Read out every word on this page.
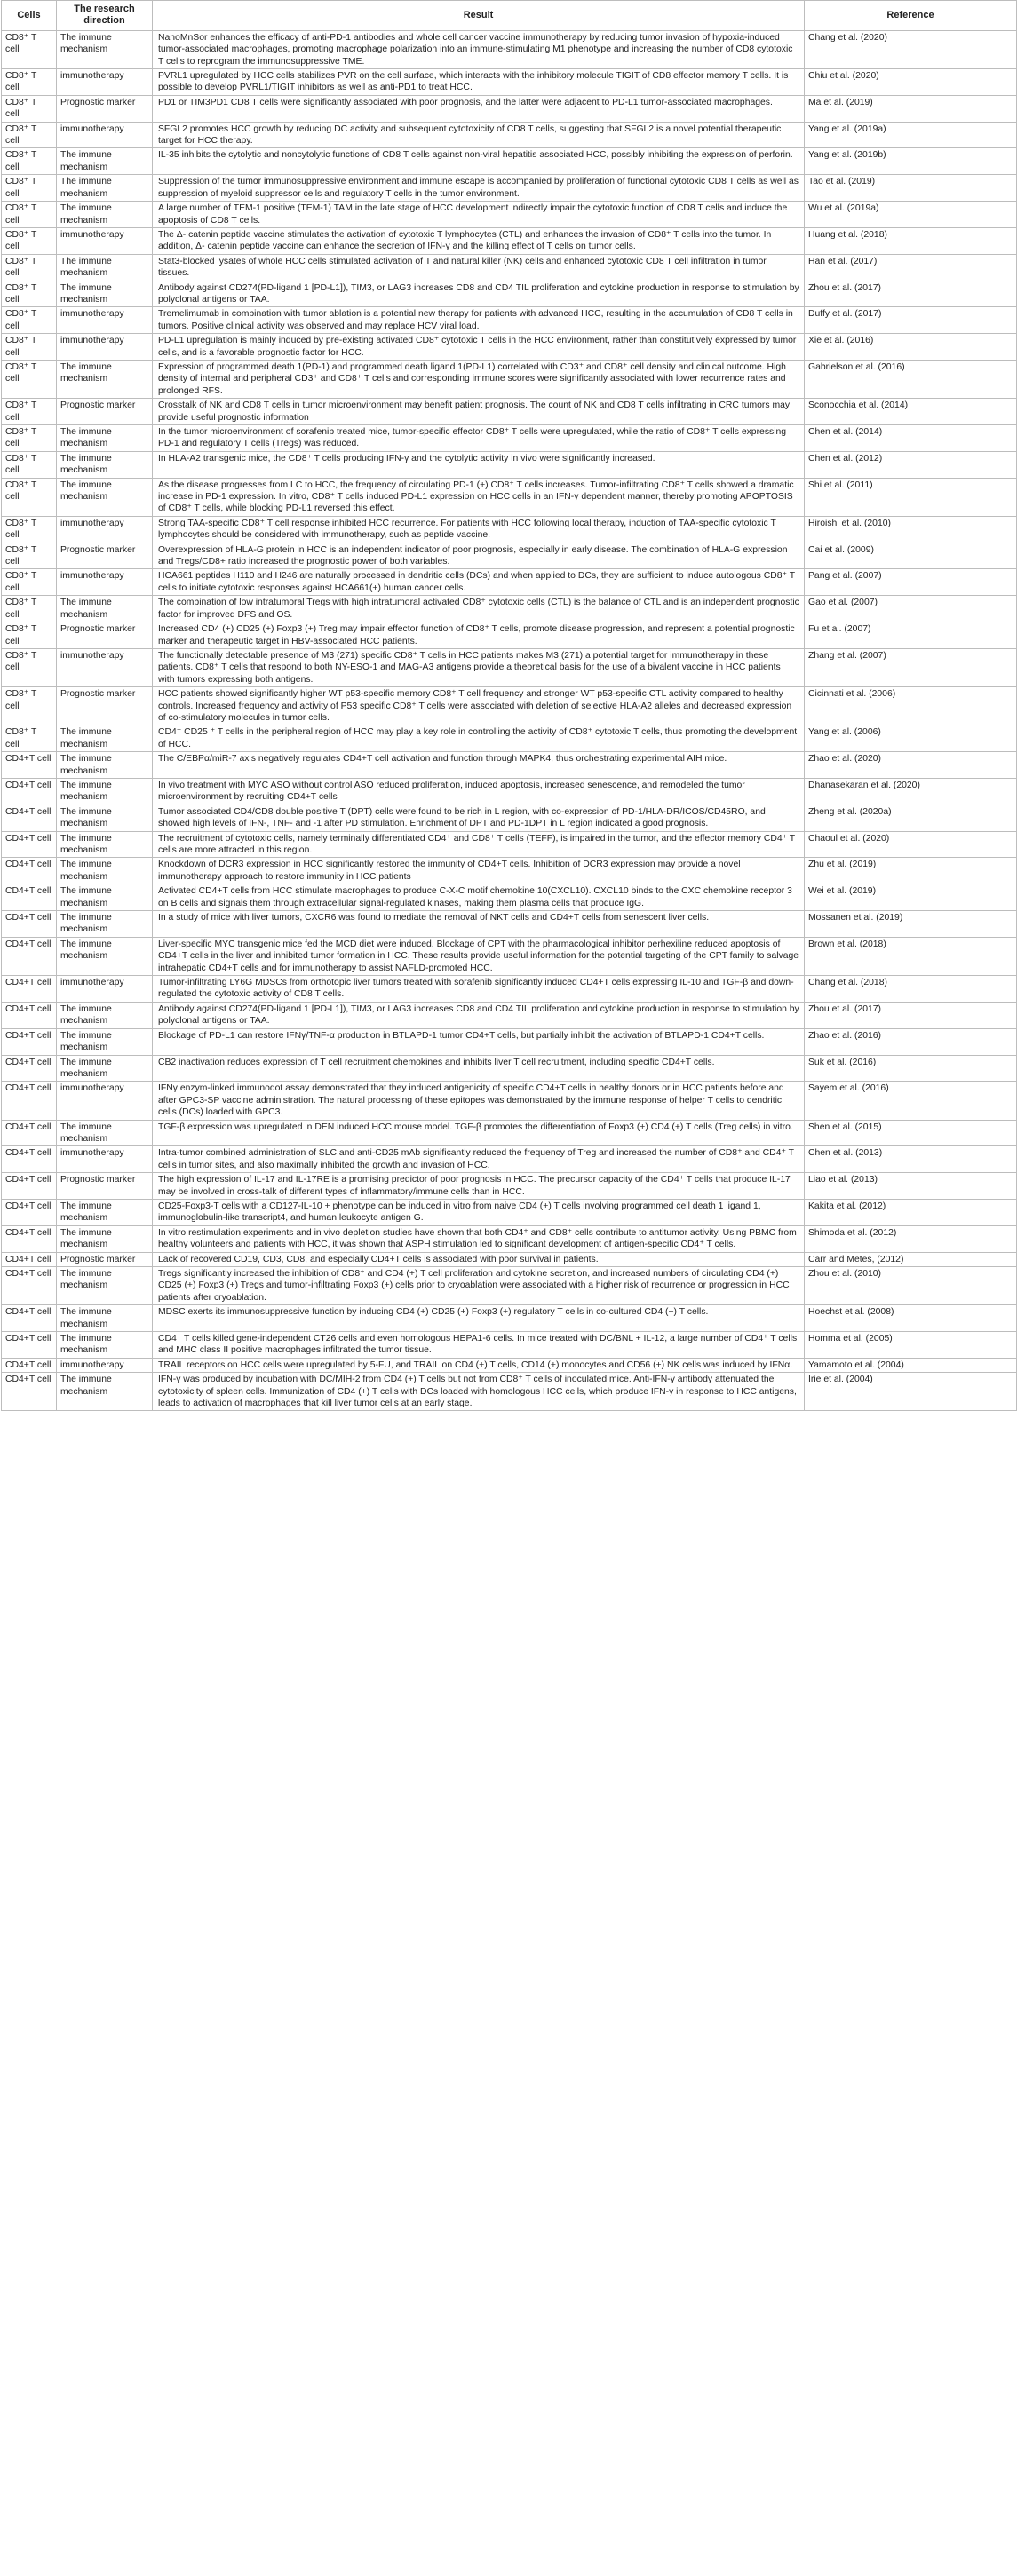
Cells	The research direction	Result	Reference
CD8⁺ T cell	The immune mechanism	NanoMnSor enhances the efficacy of anti-PD-1 antibodies and whole cell cancer vaccine immunotherapy by reducing tumor invasion of hypoxia-induced tumor-associated macrophages, promoting macrophage polarization into an immune-stimulating M1 phenotype and increasing the number of CD8 cytotoxic T cells to reprogram the immunosuppressive TME.	Chang et al. (2020)
CD8⁺ T cell	immunotherapy	PVRL1 upregulated by HCC cells stabilizes PVR on the cell surface, which interacts with the inhibitory molecule TIGIT of CD8 effector memory T cells. It is possible to develop PVRL1/TIGIT inhibitors as well as anti-PD1 to treat HCC.	Chiu et al. (2020)
CD8⁺ T cell	Prognostic marker	PD1 or TIM3PD1 CD8 T cells were significantly associated with poor prognosis, and the latter were adjacent to PD-L1 tumor-associated macrophages.	Ma et al. (2019)
CD8⁺ T cell	immunotherapy	SFGL2 promotes HCC growth by reducing DC activity and subsequent cytotoxicity of CD8 T cells, suggesting that SFGL2 is a novel potential therapeutic target for HCC therapy.	Yang et al. (2019a)
CD8⁺ T cell	The immune mechanism	IL-35 inhibits the cytolytic and noncytolytic functions of CD8 T cells against non-viral hepatitis associated HCC, possibly inhibiting the expression of perforin.	Yang et al. (2019b)
CD8⁺ T cell	The immune mechanism	Suppression of the tumor immunosuppressive environment and immune escape is accompanied by proliferation of functional cytotoxic CD8 T cells as well as suppression of myeloid suppressor cells and regulatory T cells in the tumor environment.	Tao et al. (2019)
CD8⁺ T cell	The immune mechanism	A large number of TEM-1 positive (TEM-1) TAM in the late stage of HCC development indirectly impair the cytotoxic function of CD8 T cells and induce the apoptosis of CD8 T cells.	Wu et al. (2019a)
CD8⁺ T cell	immunotherapy	The Δ- catenin peptide vaccine stimulates the activation of cytotoxic T lymphocytes (CTL) and enhances the invasion of CD8⁺ T cells into the tumor. In addition, Δ- catenin peptide vaccine can enhance the secretion of IFN-γ and the killing effect of T cells on tumor cells.	Huang et al. (2018)
CD8⁺ T cell	The immune mechanism	Stat3-blocked lysates of whole HCC cells stimulated activation of T and natural killer (NK) cells and enhanced cytotoxic CD8 T cell infiltration in tumor tissues.	Han et al. (2017)
CD8⁺ T cell	The immune mechanism	Antibody against CD274(PD-ligand 1 [PD-L1]), TIM3, or LAG3 increases CD8 and CD4 TIL proliferation and cytokine production in response to stimulation by polyclonal antigens or TAA.	Zhou et al. (2017)
CD8⁺ T cell	immunotherapy	Tremelimumab in combination with tumor ablation is a potential new therapy for patients with advanced HCC, resulting in the accumulation of CD8 T cells in tumors. Positive clinical activity was observed and may replace HCV viral load.	Duffy et al. (2017)
CD8⁺ T cell	immunotherapy	PD-L1 upregulation is mainly induced by pre-existing activated CD8⁺ cytotoxic T cells in the HCC environment, rather than constitutively expressed by tumor cells, and is a favorable prognostic factor for HCC.	Xie et al. (2016)
CD8⁺ T cell	The immune mechanism	Expression of programmed death 1(PD-1) and programmed death ligand 1(PD-L1) correlated with CD3⁺ and CD8⁺ cell density and clinical outcome. High density of internal and peripheral CD3⁺ and CD8⁺ T cells and corresponding immune scores were significantly associated with lower recurrence rates and prolonged RFS.	Gabrielson et al. (2016)
CD8⁺ T cell	Prognostic marker	Crosstalk of NK and CD8 T cells in tumor microenvironment may benefit patient prognosis. The count of NK and CD8 T cells infiltrating in CRC tumors may provide useful prognostic information	Sconocchia et al. (2014)
CD8⁺ T cell	The immune mechanism	In the tumor microenvironment of sorafenib treated mice, tumor-specific effector CD8⁺ T cells were upregulated, while the ratio of CD8⁺ T cells expressing PD-1 and regulatory T cells (Tregs) was reduced.	Chen et al. (2014)
CD8⁺ T cell	The immune mechanism	In HLA-A2 transgenic mice, the CD8⁺ T cells producing IFN-γ and the cytolytic activity in vivo were significantly increased.	Chen et al. (2012)
CD8⁺ T cell	The immune mechanism	As the disease progresses from LC to HCC, the frequency of circulating PD-1 (+) CD8⁺ T cells increases. Tumor-infiltrating CD8⁺ T cells showed a dramatic increase in PD-1 expression. In vitro, CD8⁺ T cells induced PD-L1 expression on HCC cells in an IFN-γ dependent manner, thereby promoting APOPTOSIS of CD8⁺ T cells, while blocking PD-L1 reversed this effect.	Shi et al. (2011)
CD8⁺ T cell	immunotherapy	Strong TAA-specific CD8⁺ T cell response inhibited HCC recurrence. For patients with HCC following local therapy, induction of TAA-specific cytotoxic T lymphocytes should be considered with immunotherapy, such as peptide vaccine.	Hiroishi et al. (2010)
CD8⁺ T cell	Prognostic marker	Overexpression of HLA-G protein in HCC is an independent indicator of poor prognosis, especially in early disease. The combination of HLA-G expression and Tregs/CD8+ ratio increased the prognostic power of both variables.	Cai et al. (2009)
CD8⁺ T cell	immunotherapy	HCA661 peptides H110 and H246 are naturally processed in dendritic cells (DCs) and when applied to DCs, they are sufficient to induce autologous CD8⁺ T cells to initiate cytotoxic responses against HCA661(+) human cancer cells.	Pang et al. (2007)
CD8⁺ T cell	The immune mechanism	The combination of low intratumoral Tregs with high intratumoral activated CD8⁺ cytotoxic cells (CTL) is the balance of CTL and is an independent prognostic factor for improved DFS and OS.	Gao et al. (2007)
CD8⁺ T cell	Prognostic marker	Increased CD4 (+) CD25 (+) Foxp3 (+) Treg may impair effector function of CD8⁺ T cells, promote disease progression, and represent a potential prognostic marker and therapeutic target in HBV-associated HCC patients.	Fu et al. (2007)
CD8⁺ T cell	immunotherapy	The functionally detectable presence of M3 (271) specific CD8⁺ T cells in HCC patients makes M3 (271) a potential target for immunotherapy in these patients. CD8⁺ T cells that respond to both NY-ESO-1 and MAG-A3 antigens provide a theoretical basis for the use of a bivalent vaccine in HCC patients with tumors expressing both antigens.	Zhang et al. (2007)
CD8⁺ T cell	Prognostic marker	HCC patients showed significantly higher WT p53-specific memory CD8⁺ T cell frequency and stronger WT p53-specific CTL activity compared to healthy controls. Increased frequency and activity of P53 specific CD8⁺ T cells were associated with deletion of selective HLA-A2 alleles and decreased expression of co-stimulatory molecules in tumor cells.	Cicinnati et al. (2006)
CD8⁺ T cell	The immune mechanism	CD4⁺ CD25 ⁺ T cells in the peripheral region of HCC may play a key role in controlling the activity of CD8⁺ cytotoxic T cells, thus promoting the development of HCC.	Yang et al. (2006)
CD4+T cell	The immune mechanism	The C/EBPα/miR-7 axis negatively regulates CD4+T cell activation and function through MAPK4, thus orchestrating experimental AIH mice.	Zhao et al. (2020)
CD4+T cell	The immune mechanism	In vivo treatment with MYC ASO without control ASO reduced proliferation, induced apoptosis, increased senescence, and remodeled the tumor microenvironment by recruiting CD4+T cells	Dhanasekaran et al. (2020)
CD4+T cell	The immune mechanism	Tumor associated CD4/CD8 double positive T (DPT) cells were found to be rich in L region, with co-expression of PD-1/HLA-DR/ICOS/CD45RO, and showed high levels of IFN-, TNF- and -1 after PD stimulation. Enrichment of DPT and PD-1DPT in L region indicated a good prognosis.	Zheng et al. (2020a)
CD4+T cell	The immune mechanism	The recruitment of cytotoxic cells, namely terminally differentiated CD4⁺ and CD8⁺ T cells (TEFF), is impaired in the tumor, and the effector memory CD4⁺ T cells are more attracted in this region.	Chaoul et al. (2020)
CD4+T cell	The immune mechanism	Knockdown of DCR3 expression in HCC significantly restored the immunity of CD4+T cells. Inhibition of DCR3 expression may provide a novel immunotherapy approach to restore immunity in HCC patients	Zhu et al. (2019)
CD4+T cell	The immune mechanism	Activated CD4+T cells from HCC stimulate macrophages to produce C-X-C motif chemokine 10(CXCL10). CXCL10 binds to the CXC chemokine receptor 3 on B cells and signals them through extracellular signal-regulated kinases, making them plasma cells that produce IgG.	Wei et al. (2019)
CD4+T cell	The immune mechanism	In a study of mice with liver tumors, CXCR6 was found to mediate the removal of NKT cells and CD4+T cells from senescent liver cells.	Mossanen et al. (2019)
CD4+T cell	The immune mechanism	Liver-specific MYC transgenic mice fed the MCD diet were induced. Blockage of CPT with the pharmacological inhibitor perhexiline reduced apoptosis of CD4+T cells in the liver and inhibited tumor formation in HCC. These results provide useful information for the potential targeting of the CPT family to salvage intrahepatic CD4+T cells and for immunotherapy to assist NAFLD-promoted HCC.	Brown et al. (2018)
CD4+T cell	immunotherapy	Tumor-infiltrating LY6G MDSCs from orthotopic liver tumors treated with sorafenib significantly induced CD4+T cells expressing IL-10 and TGF-β and down-regulated the cytotoxic activity of CD8 T cells.	Chang et al. (2018)
CD4+T cell	The immune mechanism	Antibody against CD274(PD-ligand 1 [PD-L1]), TIM3, or LAG3 increases CD8 and CD4 TIL proliferation and cytokine production in response to stimulation by polyclonal antigens or TAA.	Zhou et al. (2017)
CD4+T cell	The immune mechanism	Blockage of PD-L1 can restore IFNγ/TNF-α production in BTLAPD-1 tumor CD4+T cells, but partially inhibit the activation of BTLAPD-1 CD4+T cells.	Zhao et al. (2016)
CD4+T cell	The immune mechanism	CB2 inactivation reduces expression of T cell recruitment chemokines and inhibits liver T cell recruitment, including specific CD4+T cells.	Suk et al. (2016)
CD4+T cell	immunotherapy	IFNγ enzym-linked immunodot assay demonstrated that they induced antigenicity of specific CD4+T cells in healthy donors or in HCC patients before and after GPC3-SP vaccine administration. The natural processing of these epitopes was demonstrated by the immune response of helper T cells to dendritic cells (DCs) loaded with GPC3.	Sayem et al. (2016)
CD4+T cell	The immune mechanism	TGF-β expression was upregulated in DEN induced HCC mouse model. TGF-β promotes the differentiation of Foxp3 (+) CD4 (+) T cells (Treg cells) in vitro.	Shen et al. (2015)
CD4+T cell	immunotherapy	Intra-tumor combined administration of SLC and anti-CD25 mAb significantly reduced the frequency of Treg and increased the number of CD8⁺ and CD4⁺ T cells in tumor sites, and also maximally inhibited the growth and invasion of HCC.	Chen et al. (2013)
CD4+T cell	Prognostic marker	The high expression of IL-17 and IL-17RE is a promising predictor of poor prognosis in HCC. The precursor capacity of the CD4⁺ T cells that produce IL-17 may be involved in cross-talk of different types of inflammatory/immune cells than in HCC.	Liao et al. (2013)
CD4+T cell	The immune mechanism	CD25-Foxp3-T cells with a CD127-IL-10 + phenotype can be induced in vitro from naive CD4 (+) T cells involving programmed cell death 1 ligand 1, immunoglobulin-like transcript4, and human leukocyte antigen G.	Kakita et al. (2012)
CD4+T cell	The immune mechanism	In vitro restimulation experiments and in vivo depletion studies have shown that both CD4⁺ and CD8⁺ cells contribute to antitumor activity. Using PBMC from healthy volunteers and patients with HCC, it was shown that ASPH stimulation led to significant development of antigen-specific CD4⁺ T cells.	Shimoda et al. (2012)
CD4+T cell	Prognostic marker	Lack of recovered CD19, CD3, CD8, and especially CD4+T cells is associated with poor survival in patients.	Carr and Metes, (2012)
CD4+T cell	The immune mechanism	Tregs significantly increased the inhibition of CD8⁺ and CD4 (+) T cell proliferation and cytokine secretion, and increased numbers of circulating CD4 (+) CD25 (+) Foxp3 (+) Tregs and tumor-infiltrating Foxp3 (+) cells prior to cryoablation were associated with a higher risk of recurrence or progression in HCC patients after cryoablation.	Zhou et al. (2010)
CD4+T cell	The immune mechanism	MDSC exerts its immunosuppressive function by inducing CD4 (+) CD25 (+) Foxp3 (+) regulatory T cells in co-cultured CD4 (+) T cells.	Hoechst et al. (2008)
CD4+T cell	The immune mechanism	CD4⁺ T cells killed gene-independent CT26 cells and even homologous HEPA1-6 cells. In mice treated with DC/BNL + IL-12, a large number of CD4⁺ T cells and MHC class II positive macrophages infiltrated the tumor tissue.	Homma et al. (2005)
CD4+T cell	immunotherapy	TRAIL receptors on HCC cells were upregulated by 5-FU, and TRAIL on CD4 (+) T cells, CD14 (+) monocytes and CD56 (+) NK cells was induced by IFNα.	Yamamoto et al. (2004)
CD4+T cell	The immune mechanism	IFN-γ was produced by incubation with DC/MIH-2 from CD4 (+) T cells but not from CD8⁺ T cells of inoculated mice. Anti-IFN-γ antibody attenuated the cytotoxicity of spleen cells. Immunization of CD4 (+) T cells with DCs loaded with homologous HCC cells, which produce IFN-γ in response to HCC antigens, leads to activation of macrophages that kill liver tumor cells at an early stage.	Irie et al. (2004)
